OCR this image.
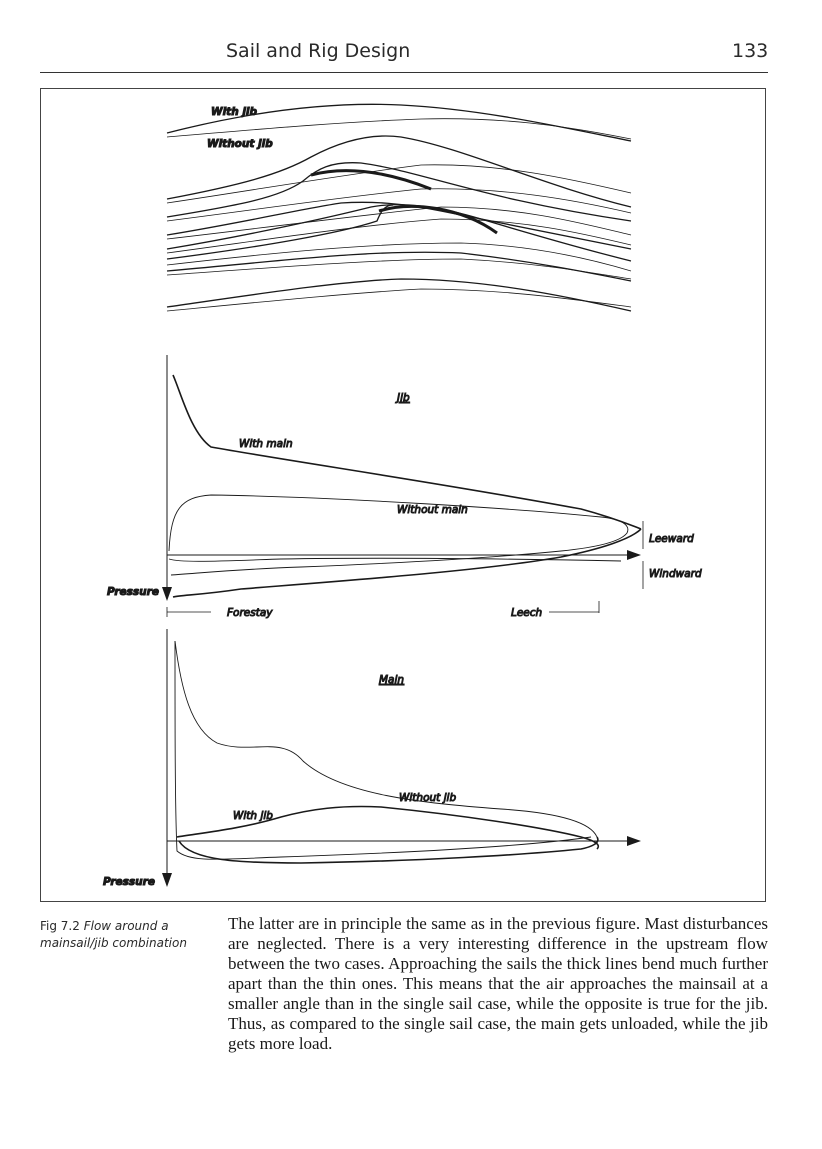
Sail and Rig Design	133
With jib
Without jib
Jib
With main
Without main
Leeward
Windward
Pressure
Forestay	Leech
Main
Without jib
With jib
Pressure
Fig 7.2 Flow around a mainsail/jib combination
The latter are in principle the same as in the previous figure. Mast disturbances are neglected. There is a very interesting difference in the upstream flow between the two cases. Approaching the sails the thick lines bend much further apart than the thin ones. This means that the air approaches the mainsail at a smaller angle than in the single sail case, while the opposite is true for the jib. Thus, as compared to the single sail case, the main gets unloaded, while the jib gets more load.
